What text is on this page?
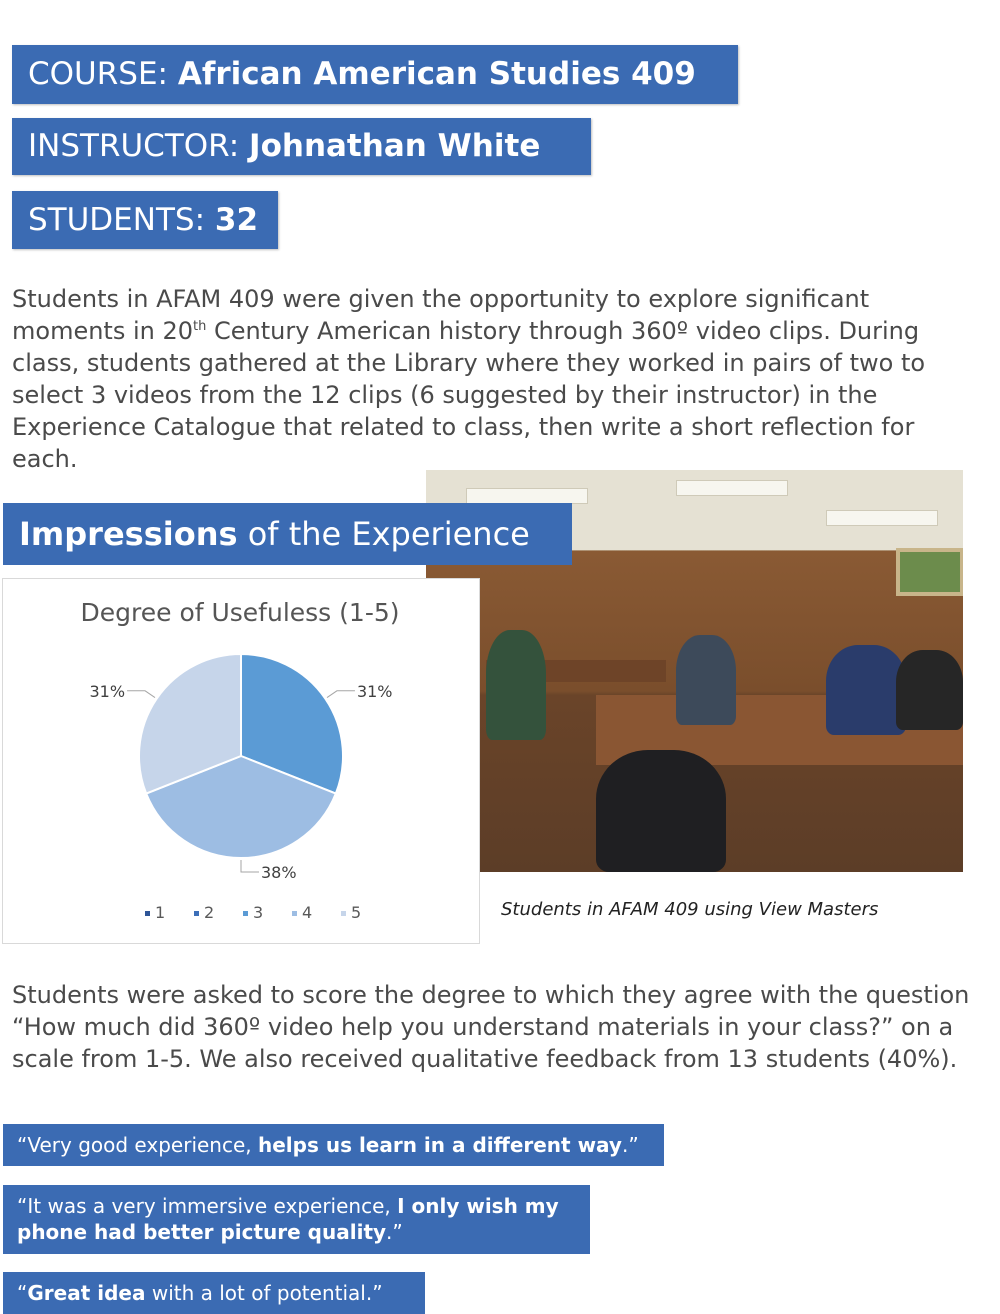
COURSE: African American Studies 409
INSTRUCTOR: Johnathan White
STUDENTS: 32

Students in AFAM 409 were given the opportunity to explore significant moments in 20th Century American history through 360º video clips. During class, students gathered at the Library where they worked in pairs of two to select 3 videos from the 12 clips (6 suggested by their instructor) in the Experience Catalogue that related to class, then write a short reflection for each.

Students in AFAM 409 using View Masters

Impressions of the Experience
Degree of Usefuless (1-5)
31%
38%
31%
1 2 3 4 5

Students were asked to score the degree to which they agree with the question “How much did 360º video help you understand materials in your class?” on a scale from 1-5. We also received qualitative feedback from 13 students (40%).

“Very good experience, helps us learn in a different way.”
“It was a very immersive experience, I only wish my phone had better picture quality.”
“Great idea with a lot of potential.”
